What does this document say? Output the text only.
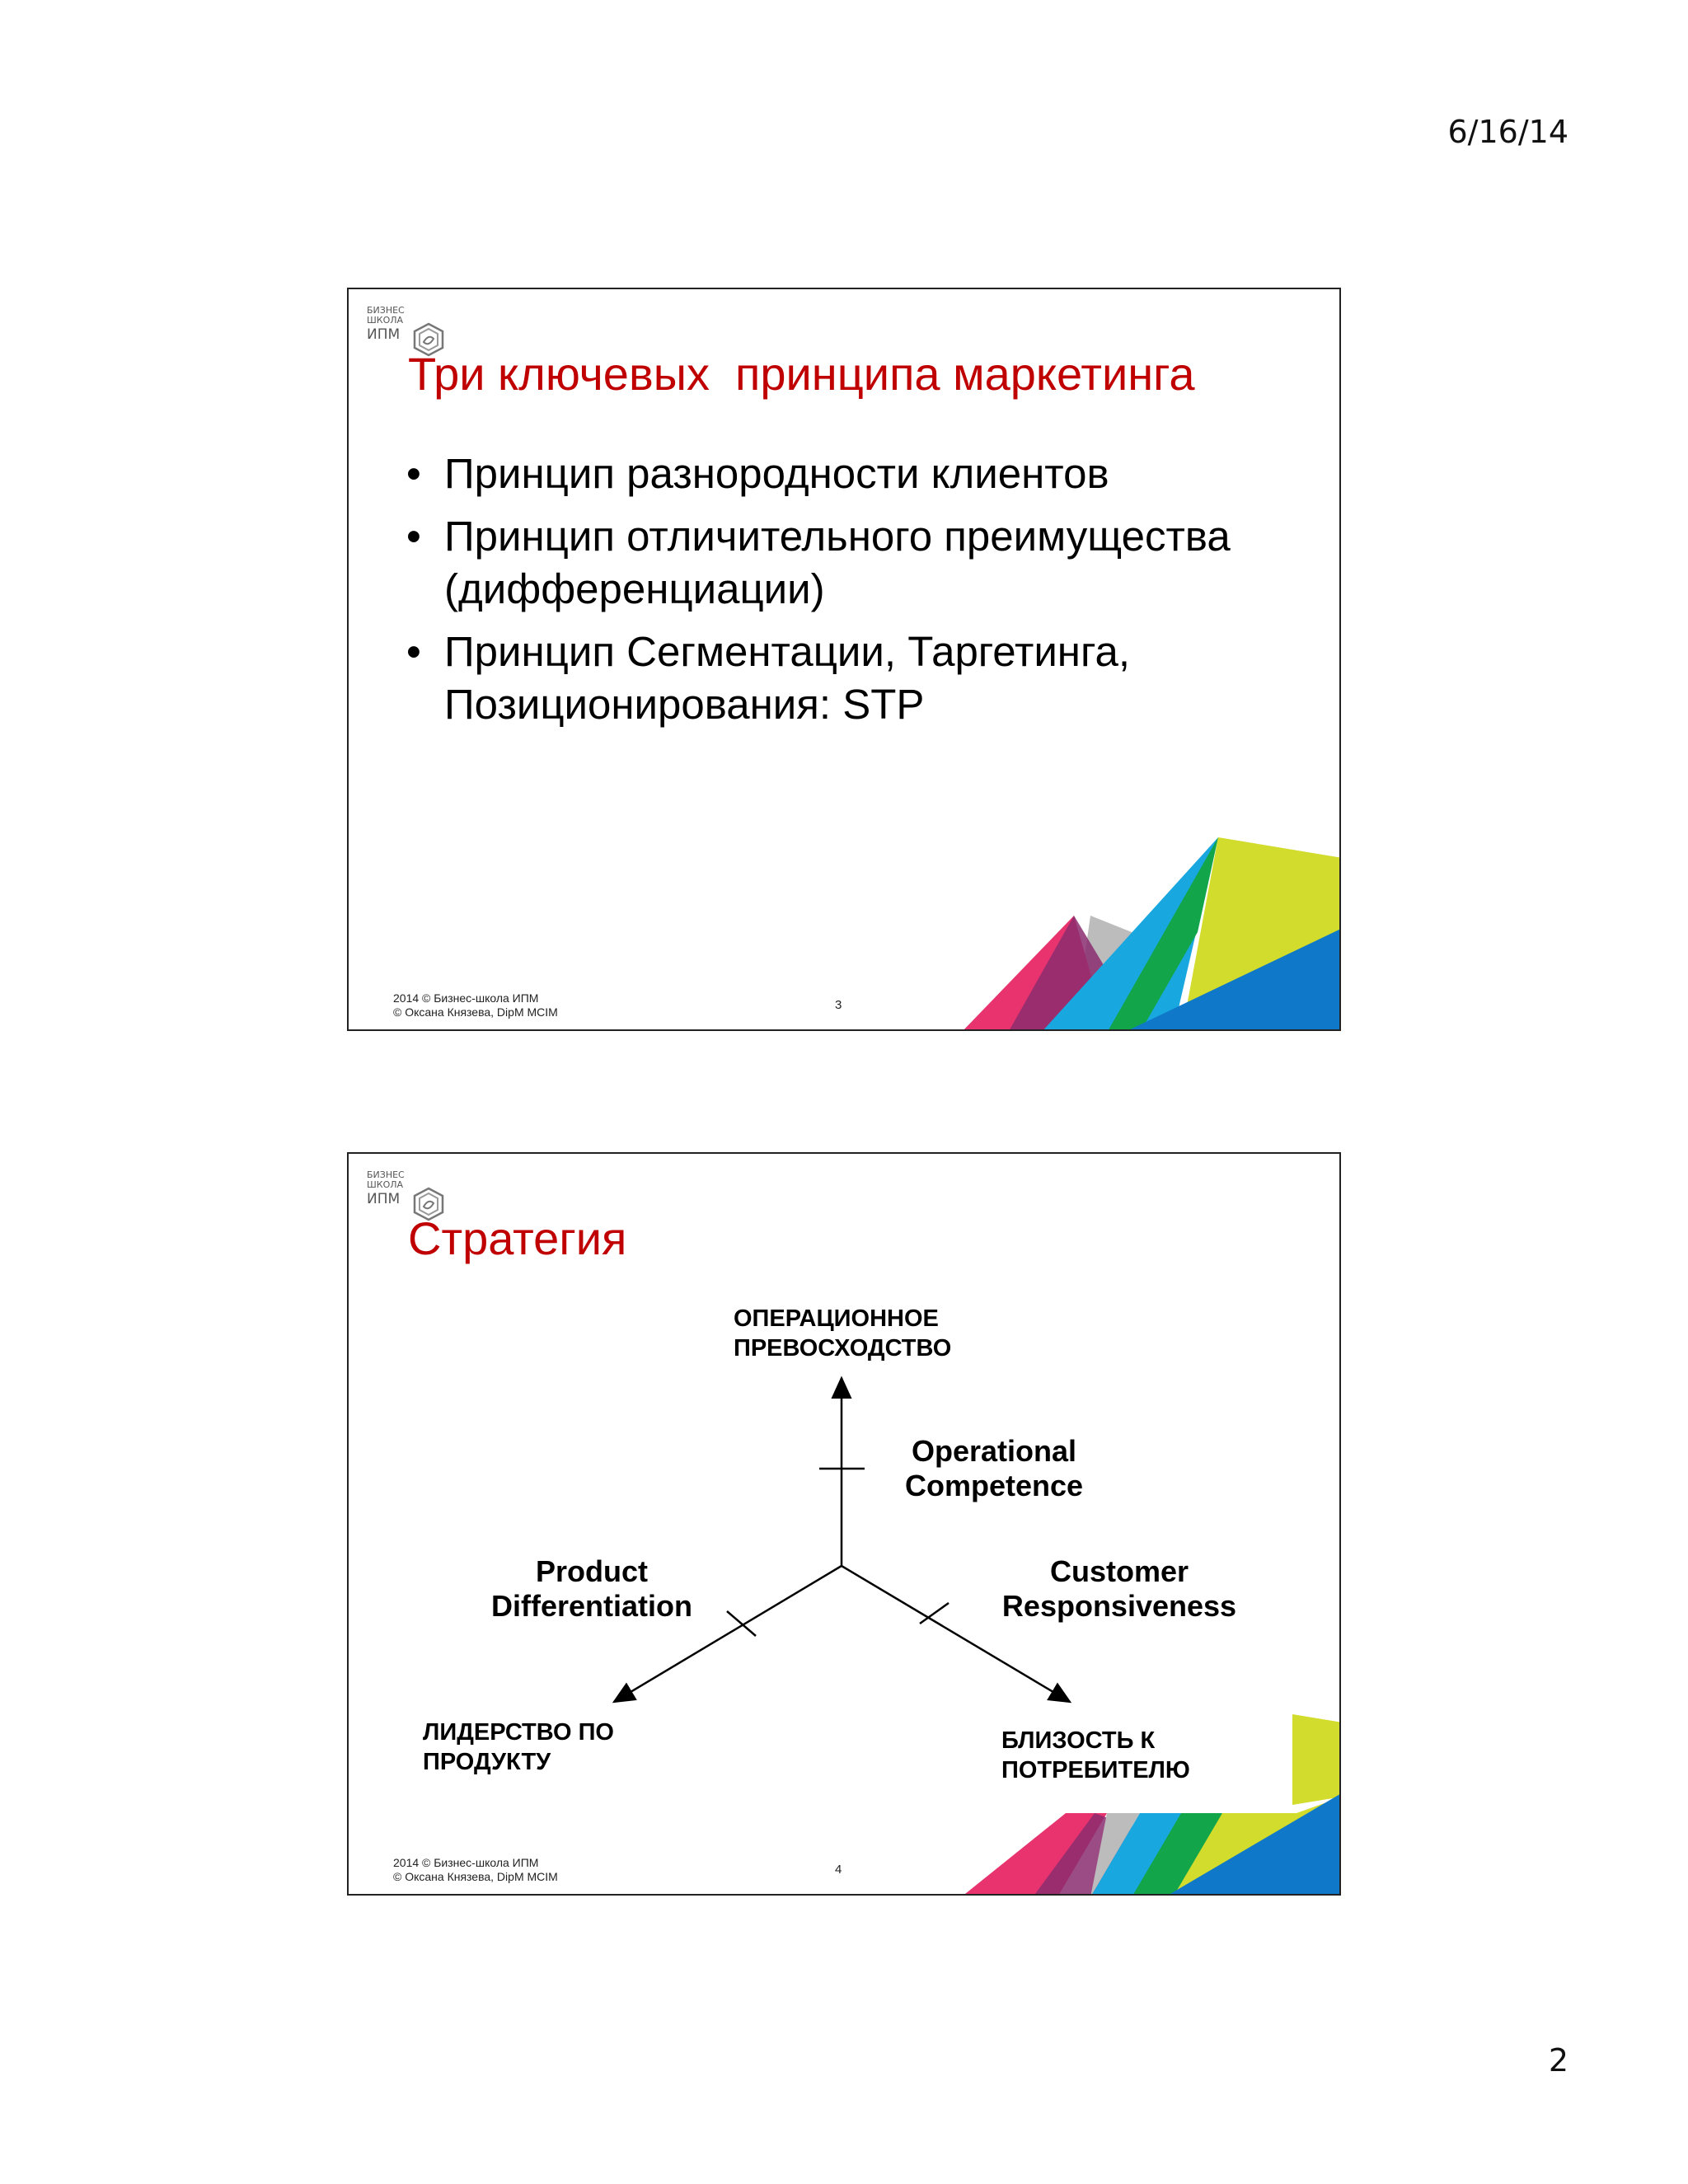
6/16/14
БИЗНЕС
ШКОЛА
ИПМ
Три ключевых  принципа маркетинга
• Принцип разнородности клиентов
• Принцип отличительного преимущества (дифференциации)
• Принцип Сегментации, Таргетинга, Позиционирования: STP
2014 © Бизнес-школа ИПМ
© Оксана Князева, DipM MCIM	3
БИЗНЕС
ШКОЛА
ИПМ
Стратегия
ОПЕРАЦИОННОЕ
ПРЕВОСХОДСТВО
Operational
Competence
Product
Differentiation
Customer
Responsiveness
ЛИДЕРСТВО ПО
ПРОДУКТУ
БЛИЗОСТЬ К
ПОТРЕБИТЕЛЮ
2014 © Бизнес-школа ИПМ
© Оксана Князева, DipM MCIM	4
2
